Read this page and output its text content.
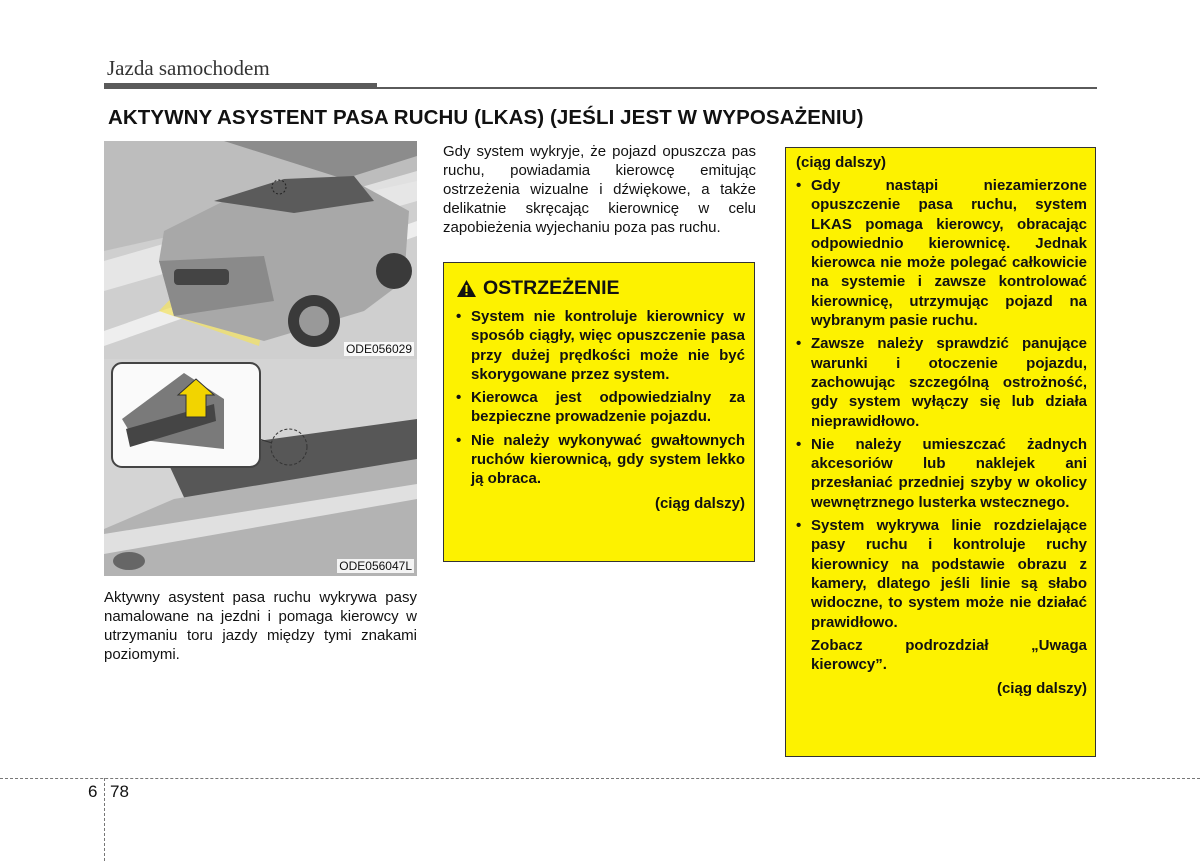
Jazda samochodem
AKTYWNY ASYSTENT PASA RUCHU (LKAS) (JEŚLI JEST W WYPOSAŻENIU)
ODE056029
ODE056047L
Aktywny asystent pasa ruchu wykrywa pasy namalowane na jezdni i pomaga kierowcy w utrzymaniu toru jazdy między tymi znakami poziomymi.
Gdy system wykryje, że pojazd opuszcza pas ruchu, powiadamia kierowcę emitując ostrzeżenia wizualne i dźwiękowe, a także delikatnie skręcając kierownicę w celu zapobieżenia wyjechaniu poza pas ruchu.
OSTRZEŻENIE
• System nie kontroluje kierownicy w sposób ciągły, więc opuszczenie pasa przy dużej prędkości może nie być skorygowane przez system.
• Kierowca jest odpowiedzialny za bezpieczne prowadzenie pojazdu.
• Nie należy wykonywać gwałtownych ruchów kierownicą, gdy system lekko ją obraca.
(ciąg dalszy)
(ciąg dalszy)
• Gdy nastąpi niezamierzone opuszczenie pasa ruchu, system LKAS pomaga kierowcy, obracając odpowiednio kierownicę. Jednak kierowca nie może polegać całkowicie na systemie i zawsze kontrolować kierownicę, utrzymując pojazd na wybranym pasie ruchu.
• Zawsze należy sprawdzić panujące warunki i otoczenie pojazdu, zachowując szczególną ostrożność, gdy system wyłączy się lub działa nieprawidłowo.
• Nie należy umieszczać żadnych akcesoriów lub naklejek ani przesłaniać przedniej szyby w okolicy wewnętrznego lusterka wstecznego.
• System wykrywa linie rozdzielające pasy ruchu i kontroluje ruchy kierownicy na podstawie obrazu z kamery, dlatego jeśli linie są słabo widoczne, to system może nie działać prawidłowo.
Zobacz podrozdział „Uwaga kierowcy”.
(ciąg dalszy)
6 78
